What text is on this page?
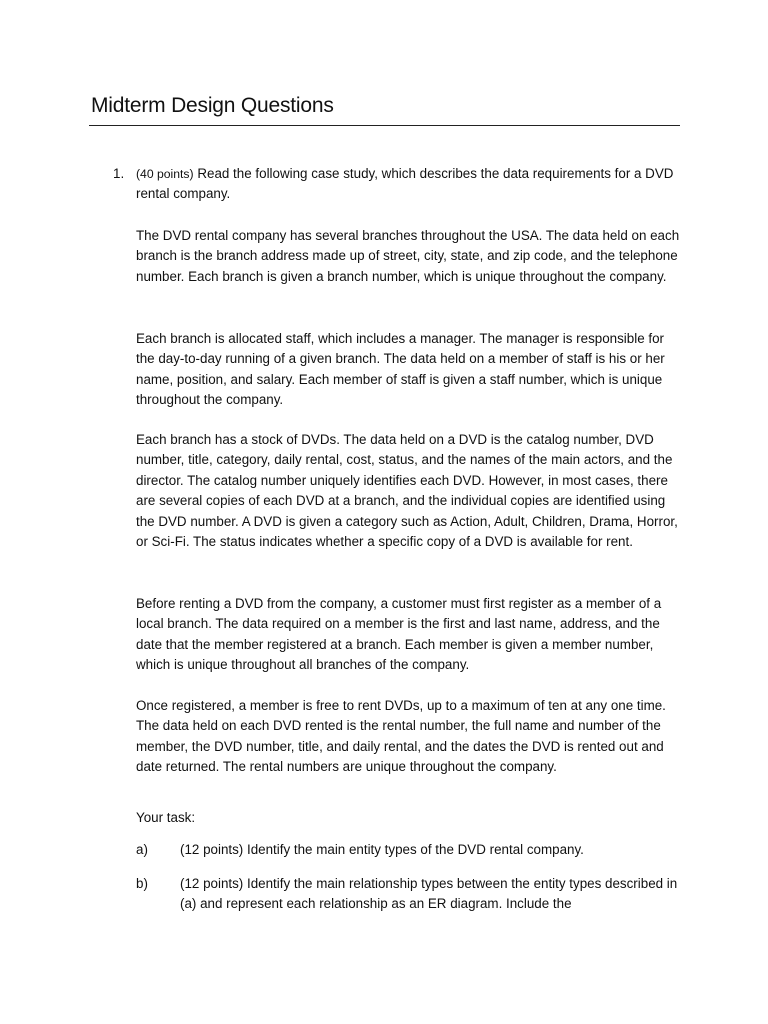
Midterm Design Questions
1. (40 points) Read the following case study, which describes the data requirements for a DVD rental company.

The DVD rental company has several branches throughout the USA. The data held on each branch is the branch address made up of street, city, state, and zip code, and the telephone number. Each branch is given a branch number, which is unique throughout the company.

Each branch is allocated staff, which includes a manager. The manager is responsible for the day-to-day running of a given branch. The data held on a member of staff is his or her name, position, and salary. Each member of staff is given a staff number, which is unique throughout the company.

Each branch has a stock of DVDs. The data held on a DVD is the catalog number, DVD number, title, category, daily rental, cost, status, and the names of the main actors, and the director. The catalog number uniquely identifies each DVD. However, in most cases, there are several copies of each DVD at a branch, and the individual copies are identified using the DVD number. A DVD is given a category such as Action, Adult, Children, Drama, Horror, or Sci-Fi. The status indicates whether a specific copy of a DVD is available for rent.

Before renting a DVD from the company, a customer must first register as a member of a local branch. The data required on a member is the first and last name, address, and the date that the member registered at a branch. Each member is given a member number, which is unique throughout all branches of the company.

Once registered, a member is free to rent DVDs, up to a maximum of ten at any one time. The data held on each DVD rented is the rental number, the full name and number of the member, the DVD number, title, and daily rental, and the dates the DVD is rented out and date returned. The rental numbers are unique throughout the company.

Your task:

a) (12 points) Identify the main entity types of the DVD rental company.
b) (12 points) Identify the main relationship types between the entity types described in (a) and represent each relationship as an ER diagram. Include the
